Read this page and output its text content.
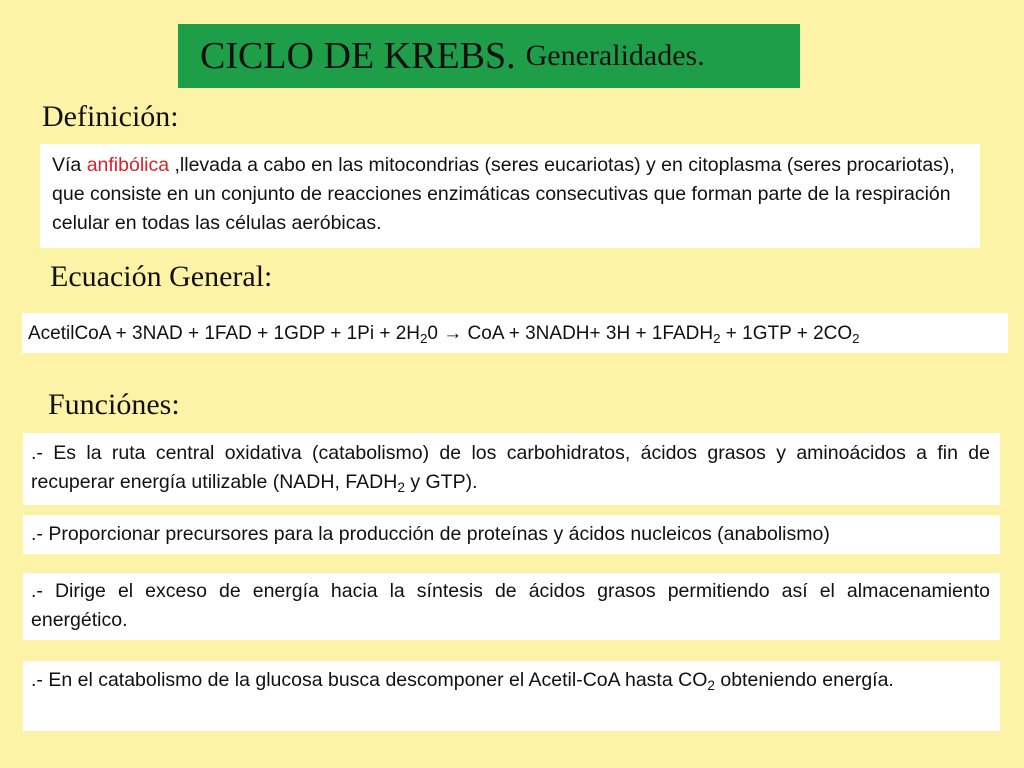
CICLO DE KREBS. Generalidades.
Definición:
Vía anfibólica ,llevada a cabo en las mitocondrias (seres eucariotas) y en citoplasma (seres procariotas), que consiste en un conjunto de reacciones enzimáticas consecutivas que forman parte de la respiración celular en todas las células aeróbicas.
Ecuación General:
AcetilCoA + $3NAD + 1FAD + 1GDP + 1Pi + 2H_20$ → CoA + 3NADH+ $3H + 1FADH_2 + 1GTP + 2CO_2$
Funciónes:
.- Es la ruta central oxidativa (catabolismo) de los carbohidratos, ácidos grasos y aminoácidos a fin de recuperar energía utilizable (NADH, $FADH_2$ y GTP).
.- Proporcionar precursores para la producción de proteínas y ácidos nucleicos (anabolismo)
.- Dirige el exceso de energía hacia la síntesis de ácidos grasos permitiendo así el almacenamiento energético.
.- En el catabolismo de la glucosa busca descomponer el Acetil-CoA hasta $CO_2$ obteniendo energía.
